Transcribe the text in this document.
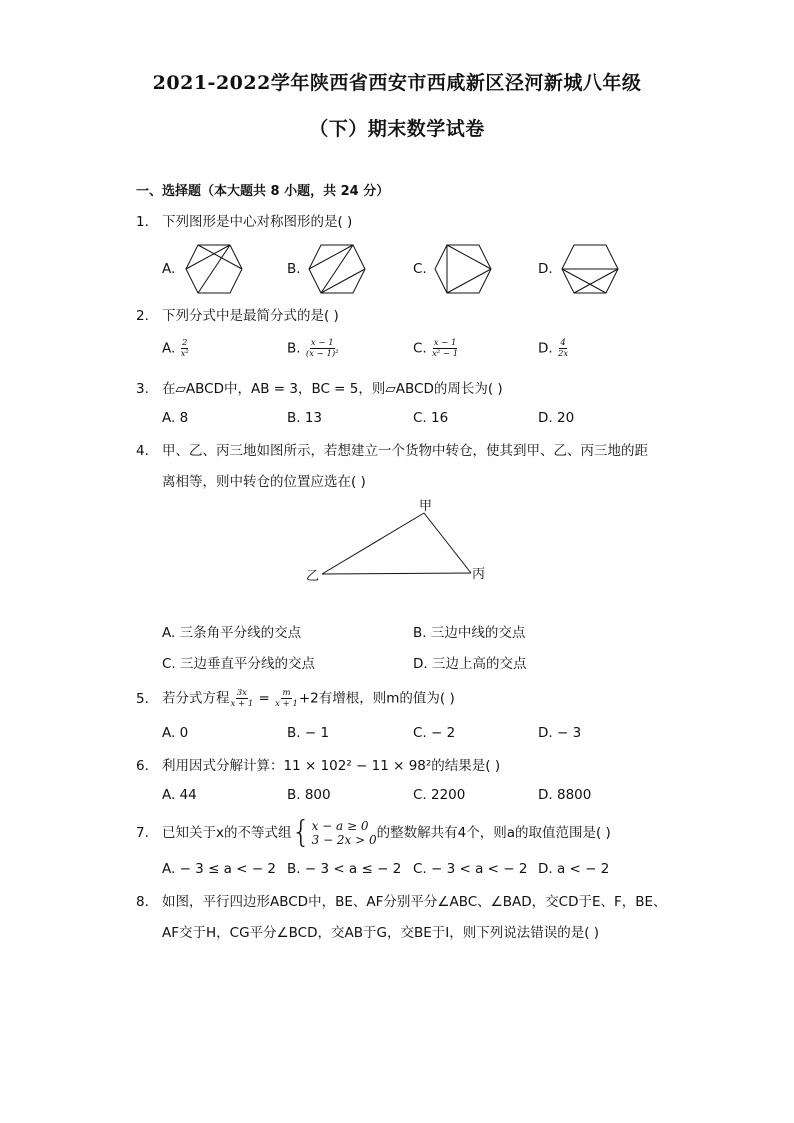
2021-2022学年陕西省西安市西咸新区泾河新城八年级
（下）期末数学试卷
一、选择题（本大题共 8 小题，共 24 分）
1. 下列图形是中心对称图形的是( )
A.	B.	C.	D.
2. 下列分式中是最简分式的是( )
A. $\frac{2}{\text{x²}}$	B. $\frac{x - 1}{\text{(x − 1)²}}$	C. $\frac{x - 1}{\text{x² − 1}}$	D. $\frac{4}{2x}$
3. 在▱ABCD中，AB = 3，BC = 5，则▱ABCD的周长为( )
A. 8	B. 13	C. 16	D. 20
4. 甲、乙、丙三地如图所示，若想建立一个货物中转仓，使其到甲、乙、丙三地的距
离相等，则中转仓的位置应选在( )
甲
乙	丙
A. 三条角平分线的交点	B. 三边中线的交点
C. 三边垂直平分线的交点	D. 三边上高的交点
5. 若分式方程 $\frac{3x}{x + 1} = \frac{m}{x + 1} +2$有增根，则m的值为( )
A. 0	B. − 1	C. − 2	D. − 3
6. 利用因式分解计算：11 × 102² − 11 × 98²的结果是( )
A. 44	B. 800	C. 2200	D. 8800
7. 已知关于x的不等式组 { x − a ≥ 0
3 − 2x > 0 的整数解共有4个，则a的取值范围是( )
A. − 3 ≤ a < − 2 B. − 3 < a ≤ − 2 C. − 3 < a < − 2 D. a < − 2
8. 如图，平行四边形ABCD中，BE、AF分别平分∠ABC、∠BAD，交CD于E、F，BE、
AF交于H，CG平分∠BCD，交AB于G，交BE于I，则下列说法错误的是( )
